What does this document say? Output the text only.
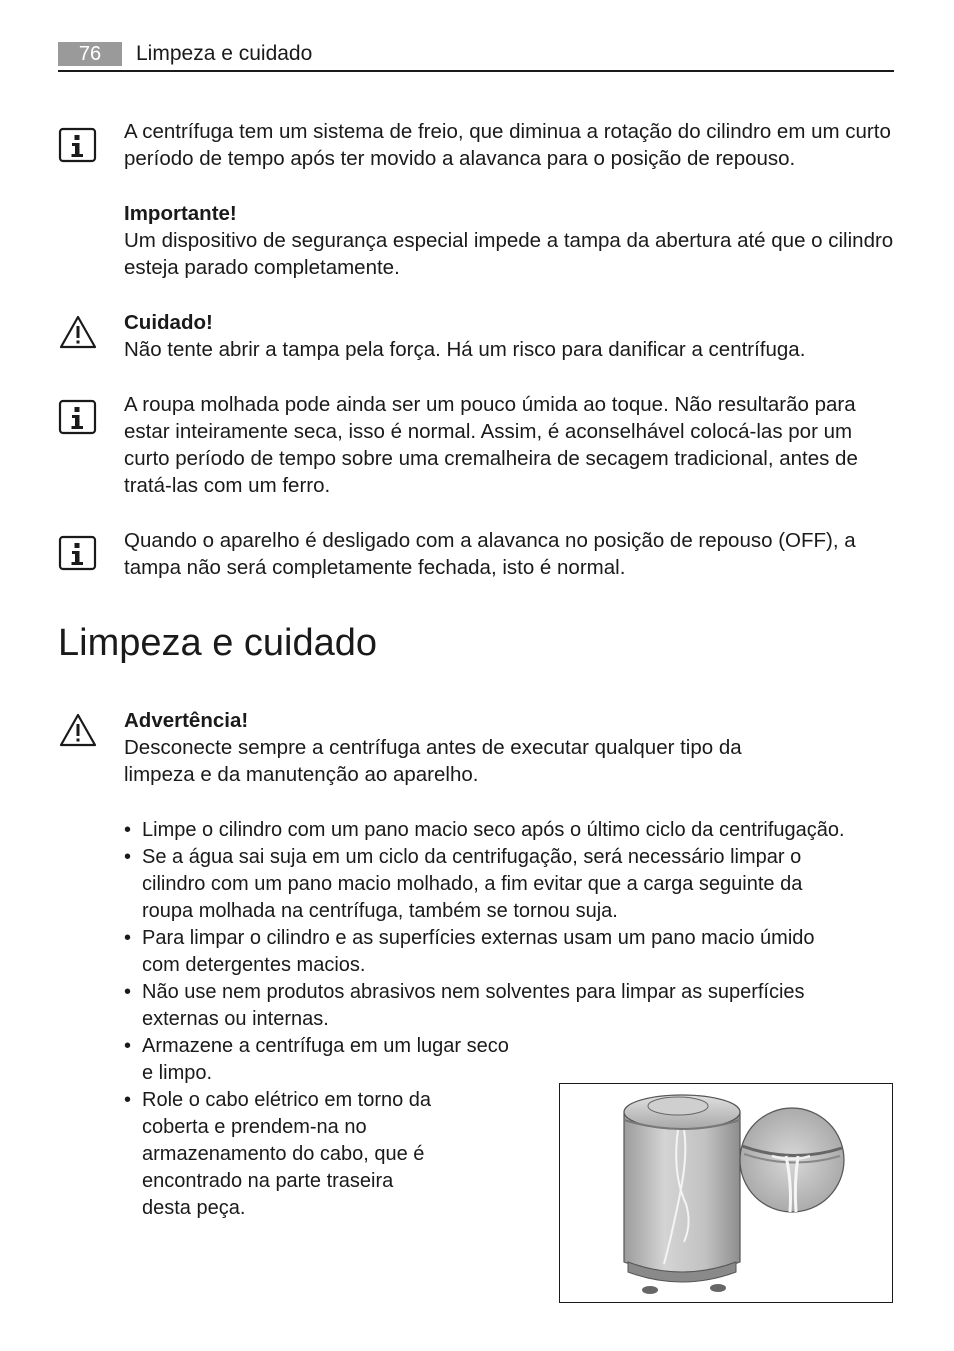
76	Limpeza e cuidado

A centrífuga tem um sistema de freio, que diminua a rotação do cilindro em um curto período de tempo após ter movido a alavanca para o posição de repouso.

Importante!

Um dispositivo de segurança especial impede a tampa da abertura até que o cilindro esteja parado completamente.

Cuidado!

Não tente abrir a tampa pela força. Há um risco para danificar a centrífuga.

A roupa molhada pode ainda ser um pouco úmida ao toque. Não resultarão para estar inteiramente seca, isso é normal. Assim, é aconselhável colocá-las por um curto período de tempo sobre uma cremalheira de secagem tradicional, antes de tratá-las com um ferro.

Quando o aparelho é desligado com a alavanca no posição de repouso (OFF), a tampa não será completamente fechada, isto é normal.

Limpeza e cuidado

Advertência!

Desconecte sempre a centrífuga antes de executar qualquer tipo da

limpeza e da manutenção ao aparelho.

• Limpe o cilindro com um pano macio seco após o último ciclo da centrifugação.
• Se a água sai suja em um ciclo da centrifugação, será necessário limpar o
cilindro com um pano macio molhado, a fim evitar que a carga seguinte da
roupa molhada na centrífuga, também se tornou suja.
• Para limpar o cilindro e as superfícies externas usam um pano macio úmido
com detergentes macios.
• Não use nem produtos abrasivos nem solventes para limpar as superfícies
externas ou internas.
• Armazene a centrífuga em um lugar seco
e limpo.
• Role o cabo elétrico em torno da
coberta e prendem-na no
armazenamento do cabo, que é
encontrado na parte traseira
desta peça.
